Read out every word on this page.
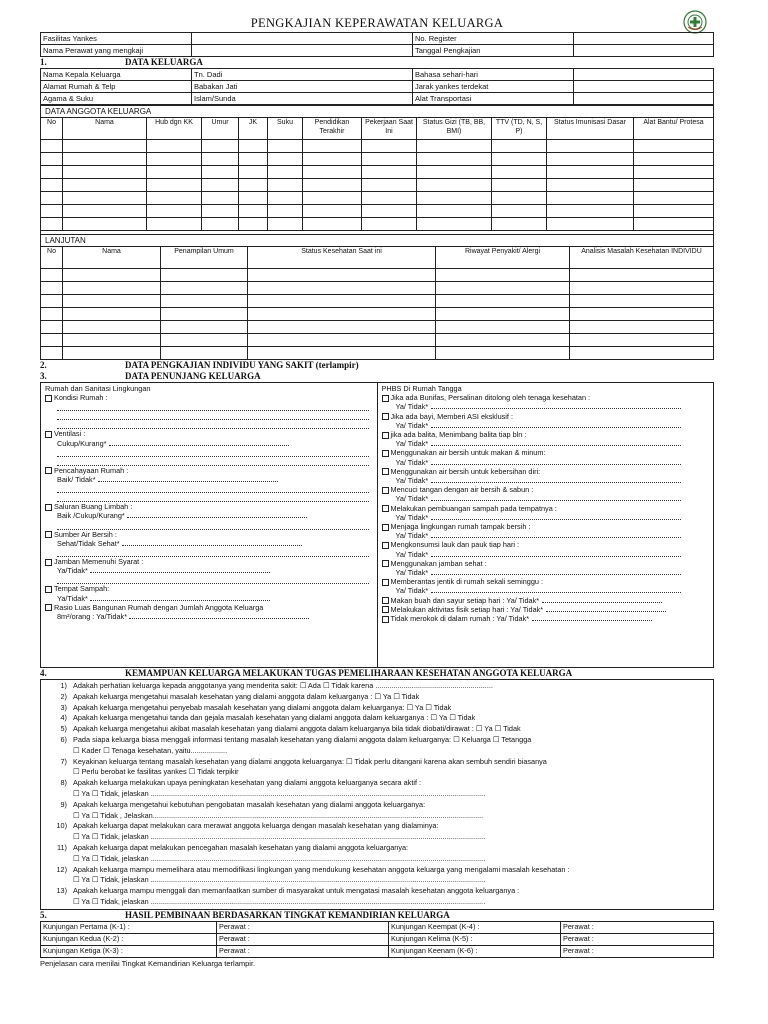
PENGKAJIAN KEPERAWATAN KELUARGA
Fasilitas Yankes		No. Register	
Nama Perawat yang mengkaji		Tanggal Pengkajian	
1.	DATA KELUARGA
Nama Kepala Keluarga	Tn. Dadi	Bahasa sehari-hari	
Alamat Rumah & Telp	Babakan Jati	Jarak yankes terdekat	
Agama & Suku	Islam/Sunda	Alat Transportasi	
DATA ANGGOTA KELUARGA
No	Nama	Hub dgn KK	Umur	JK	Suku	Pendidikan Terakhir	Pekerjaan Saat Ini	Status Gizi (TB, BB, BMI)	TTV (TD, N, S, P)	Status Imunisasi Dasar	Alat Bantu/ Protesa

LANJUTAN
No	Nama	Penampilan Umum	Status Kesehatan Saat ini	Riwayat Penyakit/ Alergi	Analisis Masalah Kesehatan INDIVIDU

2.	DATA PENGKAJIAN INDIVIDU YANG SAKIT (terlampir)
3.	DATA PENUNJANG KELUARGA
Rumah dan Sanitasi Lingkungan
Kondisi Rumah :
Ventilasi :
Cukup/Kurang*
Pencahayaan Rumah :
Baik/ Tidak*
Saluran Buang Limbah :
Baik /Cukup/Kurang*
Sumber Air Bersih :
Sehat/Tidak Sehat*
Jamban Memenuhi Syarat :
Ya/Tidak*
Tempat Sampah:
Ya/Tidak*
Rasio Luas Bangunan Rumah dengan Jumlah Anggota Keluarga
8m²/orang : Ya/Tidak*
PHBS Di Rumah Tangga
Jika ada Bunifas, Persalinan ditolong oleh tenaga kesehatan :
Ya/ Tidak*
Jika ada bayi, Memberi ASI eksklusif :
Ya/ Tidak*
jika ada balita, Menimbang balita tiap bln :
Ya/ Tidak*
Menggunakan air bersih untuk makan & minum:
Ya/ Tidak*
Menggunakan air bersih untuk kebersihan diri:
Ya/ Tidak*
Mencuci tangan dengan air bersih & sabun :
Ya/ Tidak*
Melakukan pembuangan sampah pada tempatnya :
Ya/ Tidak*
Menjaga lingkungan rumah tampak bersih :
Ya/ Tidak*
Mengkonsumsi lauk dan pauk tiap hari :
Ya/ Tidak*
Menggunakan jamban sehat :
Ya/ Tidak*
Memberantas jentik di rumah sekali seminggu :
Ya/ Tidak*
Makan buah dan sayur setiap hari : Ya/ Tidak*
Melakukan aktivitas fisik setiap hari : Ya/ Tidak*
Tidak merokok di dalam rumah : Ya/ Tidak*
4.	KEMAMPUAN KELUARGA MELAKUKAN TUGAS PEMELIHARAAN KESEHATAN ANGGOTA KELUARGA
1) Adakah perhatian keluarga kepada anggotanya yang menderita sakit: ☐ Ada ☐ Tidak karena ..........................................................
2) Apakah keluarga mengetahui masalah kesehatan yang dialami anggota dalam keluarganya : ☐ Ya ☐ Tidak
3) Apakah keluarga mengetahui penyebab masalah kesehatan yang dialami anggota dalam keluarganya: ☐ Ya ☐ Tidak
4) Apakah keluarga mengetahui tanda dan gejala masalah kesehatan yang dialami anggota dalam keluarganya : ☐ Ya ☐ Tidak
5) Apakah keluarga mengetahui akibat masalah kesehatan yang dialami anggota dalam keluarganya bila tidak diobati/dirawat : ☐ Ya ☐ Tidak
6) Pada siapa keluarga biasa menggali informasi tentang masalah kesehatan yang dialami anggota dalam keluarganya: ☐ Keluarga ☐ Tetangga
☐ Kader ☐ Tenaga kesehatan, yaitu..................
7) Keyakinan keluarga tentang masalah kesehatan yang dialami anggota keluarganya: ☐ Tidak perlu ditangani karena akan sembuh sendiri biasanya
☐ Perlu berobat ke fasilitas yankes ☐ Tidak terpikir
8) Apakah keluarga melakukan upaya peningkatan kesehatan yang dialami anggota keluarganya secara aktif :
☐ Ya ☐ Tidak, jelaskan .....................................................................................................................................................................
9) Apakah keluarga mengetahui kebutuhan pengobatan masalah kesehatan yang dialami anggota keluarganya:
☐ Ya ☐ Tidak , Jelaskan...................................................................................................................................................................
10) Apakah keluarga dapat melakukan cara merawat anggota keluarga dengan masalah kesehatan yang dialaminya:
☐ Ya ☐ Tidak, jelaskan .....................................................................................................................................................................
11) Apakah keluarga dapat melakukan pencegahan masalah kesehatan yang dialami anggota keluarganya:
☐ Ya ☐ Tidak, jelaskan .....................................................................................................................................................................
12) Apakah keluarga mampu memelihara atau memodifikasi lingkungan yang mendukung kesehatan anggota keluarga yang mengalami masalah kesehatan :
☐ Ya ☐ Tidak, jelaskan .....................................................................................................................................................................
13) Apakah keluarga mampu menggali dan memanfaatkan sumber di masyarakat untuk mengatasi masalah kesehatan anggota keluarganya :
☐ Ya ☐ Tidak, jelaskan .....................................................................................................................................................................
5.	HASIL PEMBINAAN BERDASARKAN TINGKAT KEMANDIRIAN KELUARGA
Kunjungan Pertama (K-1) :	Perawat :	Kunjungan Keempat (K-4) :	Perawat :
Kunjungan Kedua (K-2) :	Perawat :	Kunjungan Kelima (K-5) :	Perawat :
Kunjungan Ketiga (K-3) :	Perawat :	Kunjungan Keenam (K-6) :	Perawat :
Penjelasan cara menilai Tingkat Kemandirian Keluarga terlampir.
